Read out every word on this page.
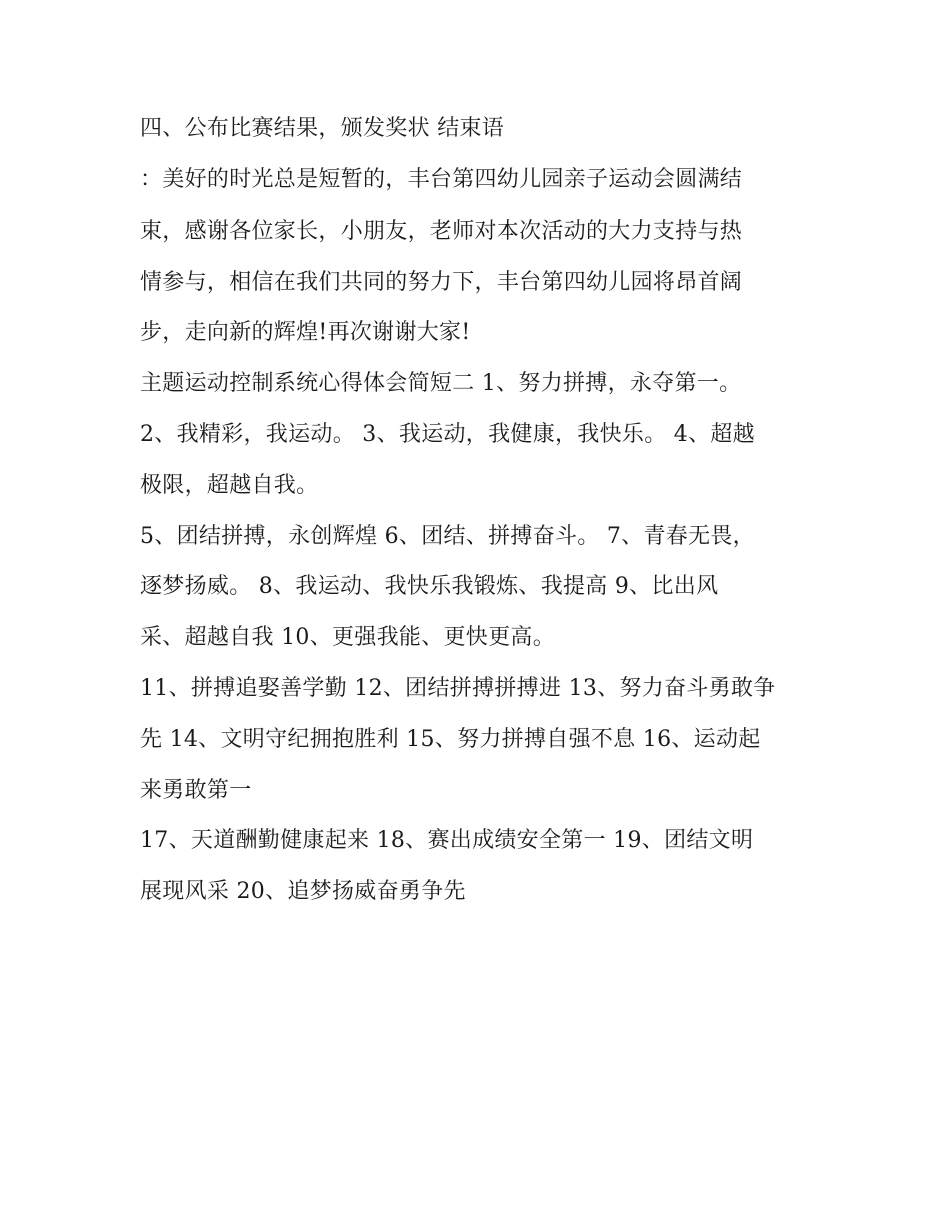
四、公布比赛结果，颁发奖状 结束语
：美好的时光总是短暂的，丰台第四幼儿园亲子运动会圆满结
束，感谢各位家长，小朋友，老师对本次活动的大力支持与热
情参与，相信在我们共同的努力下，丰台第四幼儿园将昂首阔
步，走向新的辉煌!再次谢谢大家!
主题运动控制系统心得体会简短二 1、努力拼搏，永夺第一。
2、我精彩，我运动。 3、我运动，我健康，我快乐。 4、超越
极限，超越自我。
5、团结拼搏，永创辉煌 6、团结、拼搏奋斗。 7、青春无畏，
逐梦扬威。 8、我运动、我快乐我锻炼、我提高 9、比出风
采、超越自我 10、更强我能、更快更高。
11、拼搏追娶善学勤 12、团结拼搏拼搏进 13、努力奋斗勇敢争
先 14、文明守纪拥抱胜利 15、努力拼搏自强不息 16、运动起
来勇敢第一
17、天道酬勤健康起来 18、赛出成绩安全第一 19、团结文明
展现风采 20、追梦扬威奋勇争先
